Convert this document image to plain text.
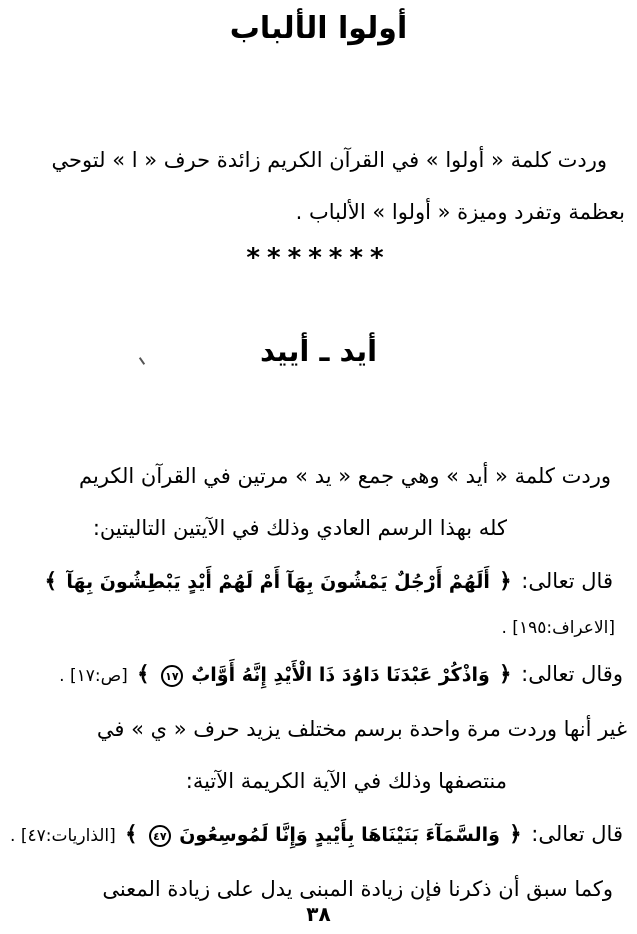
أولوا الألباب

وردت كلمة « أولوا » في القرآن الكريم زائدة حرف « ا » لتوحي

بعظمة وتفرد وميزة « أولوا » الألباب .

*******
أيد ـ أييد

وردت كلمة « أيد » وهي جمع « يد » مرتين في القرآن الكريم

كله بهذا الرسم العادي وذلك في الآيتين التاليتين:

قال تعالى: ﴿ أَلَهُمْ أَرْجُلٌ يَمْشُونَ بِهَآ أَمْ لَهُمْ أَيْدٍ يَبْطِشُونَ بِهَآ ﴾

[الاعراف:١٩٥] .

وقال تعالى: ﴿ وَاذْكُرْ عَبْدَنَا دَاوُدَ ذَا الْأَيْدِ إِنَّهُ أَوَّابٌ ١٧ ﴾ [ص:١٧] .

غير أنها وردت مرة واحدة برسم مختلف يزيد حرف « ي » في

منتصفها وذلك في الآية الكريمة الآتية:

قال تعالى: ﴿ وَالسَّمَآءَ بَنَيْنَاهَا بِأَيْيدٍ وَإِنَّا لَمُوسِعُونَ ٤٧ ﴾ [الذاريات:٤٧] .

وكما سبق أن ذكرنا فإن زيادة المبنى يدل على زيادة المعنى

٣٨
